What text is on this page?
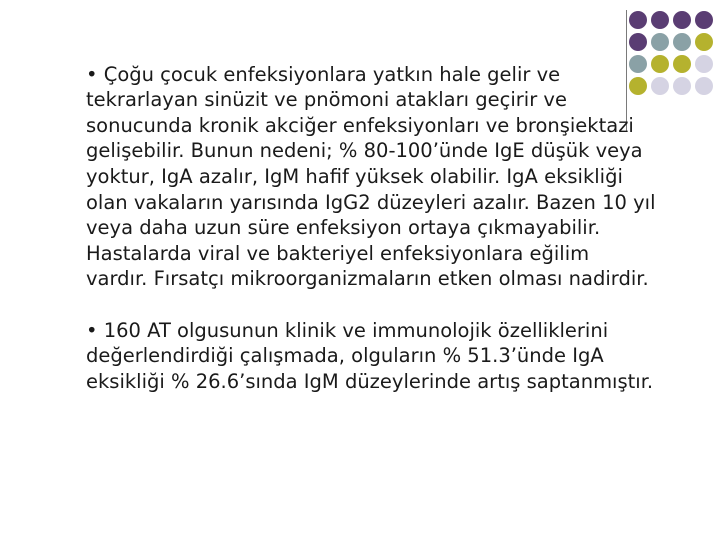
• Çoğu çocuk enfeksiyonlara yatkın hale gelir ve tekrarlayan sinüzit ve pnömoni atakları geçirir ve sonucunda kronik akciğer enfeksiyonları ve bronşiektazi gelişebilir. Bunun nedeni; % 80-100’ünde IgE düşük veya yoktur, IgA azalır, IgM hafif yüksek olabilir. IgA eksikliği olan vakaların yarısında IgG2 düzeyleri azalır. Bazen 10 yıl veya daha uzun süre enfeksiyon ortaya çıkmayabilir. Hastalarda viral ve bakteriyel enfeksiyonlara eğilim vardır. Fırsatçı mikroorganizmaların etken olması nadirdir.

• 160 AT olgusunun klinik ve immunolojik özelliklerini değerlendirdiği çalışmada, olguların % 51.3’ünde IgA eksikliği % 26.6’sında IgM düzeylerinde artış saptanmıştır.
